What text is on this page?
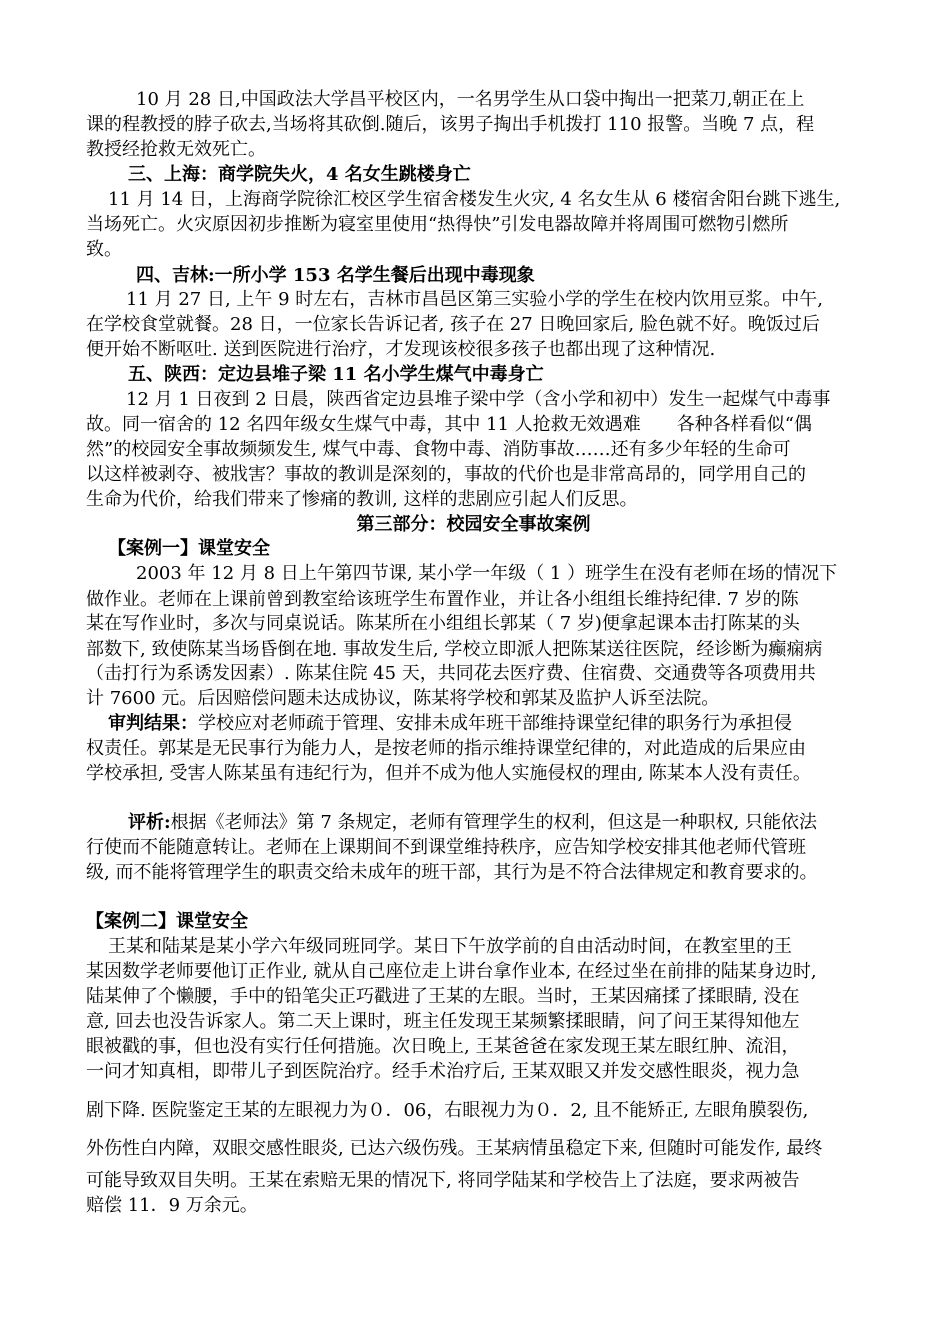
10 月 28 日,中国政法大学昌平校区内，一名男学生从口袋中掏出一把菜刀,朝正在上
课的程教授的脖子砍去,当场将其砍倒.随后，该男子掏出手机拨打 110 报警。当晚 7 点，程
教授经抢救无效死亡。
三、上海：商学院失火，4 名女生跳楼身亡
11 月 14 日，上海商学院徐汇校区学生宿舍楼发生火灾, 4 名女生从 6 楼宿舍阳台跳下逃生,
当场死亡。火灾原因初步推断为寝室里使用“热得快”引发电器故障并将周围可燃物引燃所
致。
四、吉林:一所小学 153 名学生餐后出现中毒现象
11 月 27 日, 上午 9 时左右，吉林市昌邑区第三实验小学的学生在校内饮用豆浆。中午,
在学校食堂就餐。28 日，一位家长告诉记者, 孩子在 27 日晚回家后, 脸色就不好。晚饭过后
便开始不断呕吐. 送到医院进行治疗，才发现该校很多孩子也都出现了这种情况.
五、陕西：定边县堆子梁 11 名小学生煤气中毒身亡
12 月 1 日夜到 2 日晨，陕西省定边县堆子梁中学（含小学和初中）发生一起煤气中毒事
故。同一宿舍的 12 名四年级女生煤气中毒，其中 11 人抢救无效遇难　　各种各样看似“偶
然”的校园安全事故频频发生, 煤气中毒、食物中毒、消防事故……还有多少年轻的生命可
以这样被剥夺、被戕害？事故的教训是深刻的，事故的代价也是非常高昂的，同学用自己的
生命为代价，给我们带来了惨痛的教训, 这样的悲剧应引起人们反思。
第三部分：校园安全事故案例
【案例一】课堂安全
2003 年 12 月 8 日上午第四节课, 某小学一年级（ 1 ）班学生在没有老师在场的情况下
做作业。老师在上课前曾到教室给该班学生布置作业，并让各小组组长维持纪律. 7 岁的陈
某在写作业时，多次与同桌说话。陈某所在小组组长郭某（ 7 岁)便拿起课本击打陈某的头
部数下, 致使陈某当场昏倒在地. 事故发生后, 学校立即派人把陈某送往医院，经诊断为癫痫病
（击打行为系诱发因素）. 陈某住院 45 天，共同花去医疗费、住宿费、交通费等各项费用共
计 7600 元。后因赔偿问题未达成协议，陈某将学校和郭某及监护人诉至法院。
审判结果：学校应对老师疏于管理、安排未成年班干部维持课堂纪律的职务行为承担侵
权责任。郭某是无民事行为能力人，是按老师的指示维持课堂纪律的，对此造成的后果应由
学校承担, 受害人陈某虽有违纪行为，但并不成为他人实施侵权的理由, 陈某本人没有责任。
评析:根据《老师法》第 7 条规定，老师有管理学生的权利，但这是一种职权, 只能依法
行使而不能随意转让。老师在上课期间不到课堂维持秩序，应告知学校安排其他老师代管班
级, 而不能将管理学生的职责交给未成年的班干部，其行为是不符合法律规定和教育要求的。
【案例二】课堂安全
王某和陆某是某小学六年级同班同学。某日下午放学前的自由活动时间，在教室里的王
某因数学老师要他订正作业, 就从自己座位走上讲台拿作业本, 在经过坐在前排的陆某身边时,
陆某伸了个懒腰，手中的铅笔尖正巧戳进了王某的左眼。当时，王某因痛揉了揉眼睛, 没在
意, 回去也没告诉家人。第二天上课时，班主任发现王某频繁揉眼睛，问了问王某得知他左
眼被戳的事，但也没有实行任何措施。次日晚上, 王某爸爸在家发现王某左眼红肿、流泪，
一问才知真相，即带儿子到医院治疗。经手术治疗后, 王某双眼又并发交感性眼炎，视力急
剧下降. 医院鉴定王某的左眼视力为０．06，右眼视力为０．2, 且不能矫正, 左眼角膜裂伤,
外伤性白内障，双眼交感性眼炎, 已达六级伤残。王某病情虽稳定下来, 但随时可能发作, 最终
可能导致双目失明。王某在索赔无果的情况下, 将同学陆某和学校告上了法庭，要求两被告
赔偿 11．9 万余元。
